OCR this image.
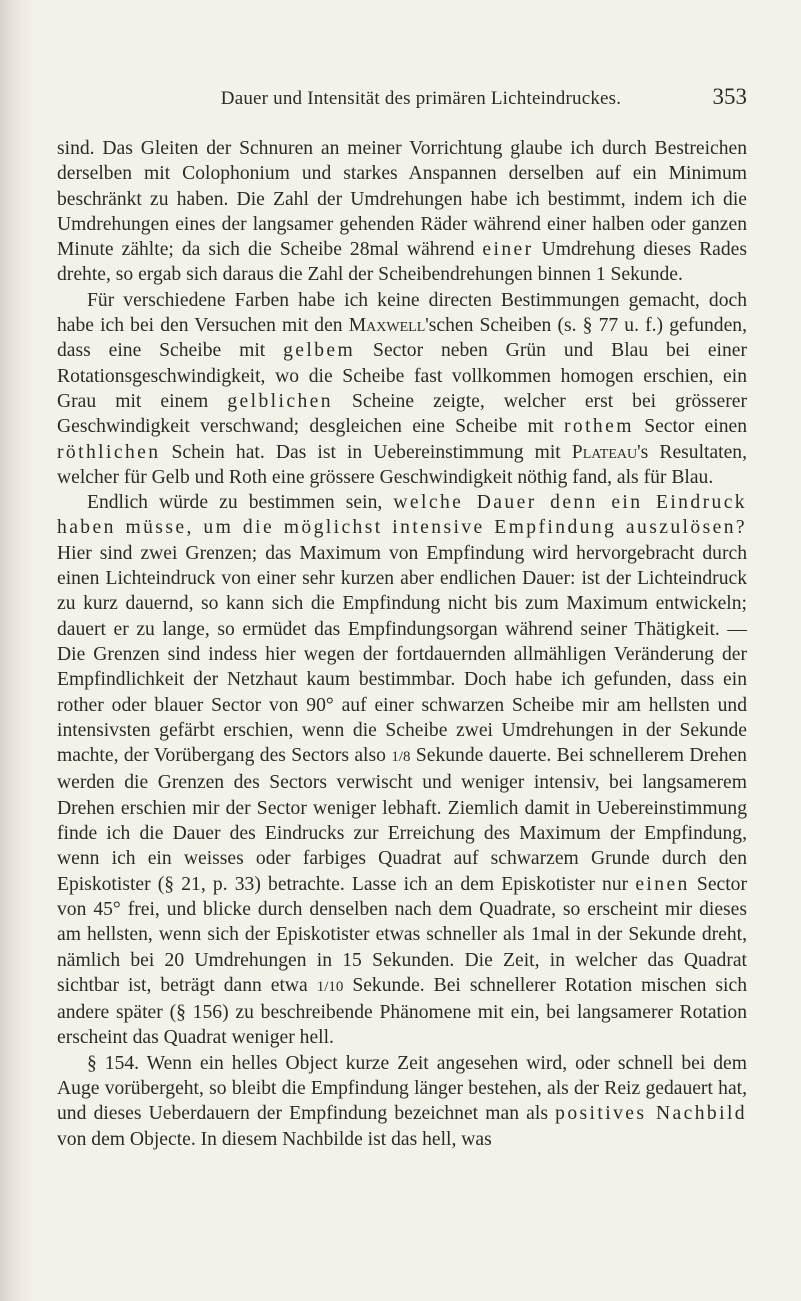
Dauer und Intensität des primären Lichteindruckes.	353

sind. Das Gleiten der Schnuren an meiner Vorrichtung glaube ich durch Bestreichen derselben mit Colophonium und starkes Anspannen derselben auf ein Minimum beschränkt zu haben. Die Zahl der Umdrehungen habe ich bestimmt, indem ich die Umdrehungen eines der langsamer gehenden Räder während einer halben oder ganzen Minute zählte; da sich die Scheibe 28mal während einer Umdrehung dieses Rades drehte, so ergab sich daraus die Zahl der Scheibendrehungen binnen 1 Sekunde.

Für verschiedene Farben habe ich keine directen Bestimmungen gemacht, doch habe ich bei den Versuchen mit den Maxwell'schen Scheiben (s. § 77 u. f.) gefunden, dass eine Scheibe mit gelbem Sector neben Grün und Blau bei einer Rotationsgeschwindigkeit, wo die Scheibe fast vollkommen homogen erschien, ein Grau mit einem gelblichen Scheine zeigte, welcher erst bei grösserer Geschwindigkeit verschwand; desgleichen eine Scheibe mit rothem Sector einen röthlichen Schein hat. Das ist in Uebereinstimmung mit Plateau's Resultaten, welcher für Gelb und Roth eine grössere Geschwindigkeit nöthig fand, als für Blau.

Endlich würde zu bestimmen sein, welche Dauer denn ein Eindruck haben müsse, um die möglichst intensive Empfindung auszulösen? Hier sind zwei Grenzen; das Maximum von Empfindung wird hervorgebracht durch einen Lichteindruck von einer sehr kurzen aber endlichen Dauer: ist der Lichteindruck zu kurz dauernd, so kann sich die Empfindung nicht bis zum Maximum entwickeln; dauert er zu lange, so ermüdet das Empfindungsorgan während seiner Thätigkeit. — Die Grenzen sind indess hier wegen der fortdauernden allmähligen Veränderung der Empfindlichkeit der Netzhaut kaum bestimmbar. Doch habe ich gefunden, dass ein rother oder blauer Sector von 90° auf einer schwarzen Scheibe mir am hellsten und intensivsten gefärbt erschien, wenn die Scheibe zwei Umdrehungen in der Sekunde machte, der Vorübergang des Sectors also 1/8 Sekunde dauerte. Bei schnellerem Drehen werden die Grenzen des Sectors verwischt und weniger intensiv, bei langsamerem Drehen erschien mir der Sector weniger lebhaft. Ziemlich damit in Uebereinstimmung finde ich die Dauer des Eindrucks zur Erreichung des Maximum der Empfindung, wenn ich ein weisses oder farbiges Quadrat auf schwarzem Grunde durch den Episkotister (§ 21, p. 33) betrachte. Lasse ich an dem Episkotister nur einen Sector von 45° frei, und blicke durch denselben nach dem Quadrate, so erscheint mir dieses am hellsten, wenn sich der Episkotister etwas schneller als 1mal in der Sekunde dreht, nämlich bei 20 Umdrehungen in 15 Sekunden. Die Zeit, in welcher das Quadrat sichtbar ist, beträgt dann etwa 1/10 Sekunde. Bei schnellerer Rotation mischen sich andere später (§ 156) zu beschreibende Phänomene mit ein, bei langsamerer Rotation erscheint das Quadrat weniger hell.

§ 154. Wenn ein helles Object kurze Zeit angesehen wird, oder schnell bei dem Auge vorübergeht, so bleibt die Empfindung länger bestehen, als der Reiz gedauert hat, und dieses Ueberdauern der Empfindung bezeichnet man als positives Nachbild von dem Objecte. In diesem Nachbilde ist das hell, was
